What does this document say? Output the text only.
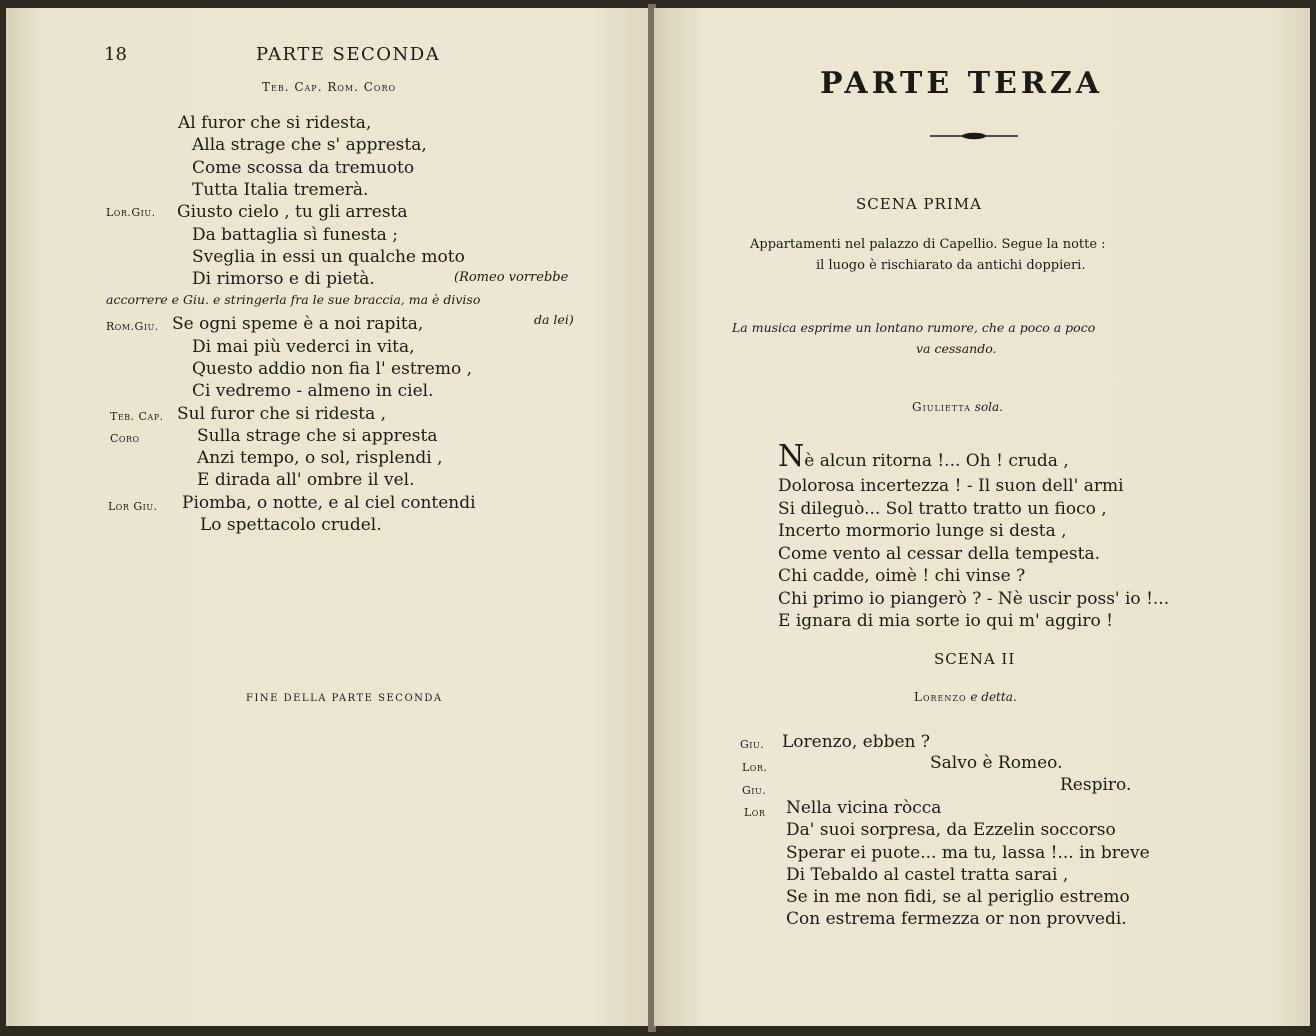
18	PARTE SECONDA
Teb. Cap. Rom. Coro
Al furor che si ridesta,
Alla strage che s' appresta,
Come scossa da tremuoto
Tutta Italia tremerà.
Lor.Giu. Giusto cielo , tu gli arresta
Da battaglia sì funesta ;
Sveglia in essi un qualche moto
Di rimorso e di pietà.	(Romeo vorrebbe
accorrere e Giu. e stringerla fra le sue braccia, ma è diviso
da lei)
Rom.Giu. Se ogni speme è a noi rapita,
Di mai più vederci in vita,
Questo addio non fia l' estremo ,
Ci vedremo - almeno in ciel.
Teb. Cap. Sul furor che si ridesta ,
Coro	Sulla strage che si appresta
Anzi tempo, o sol, risplendi ,
E dirada all' ombre il vel.
Lor Giu. Piomba, o notte, e al ciel contendi
Lo spettacolo crudel.
FINE DELLA PARTE SECONDA
PARTE TERZA
SCENA PRIMA
Appartamenti nel palazzo di Capellio. Segue la notte :
il luogo è rischiarato da antichi doppieri.
La musica esprime un lontano rumore, che a poco a poco
va cessando.
Giulietta sola.
Nè alcun ritorna !... Oh ! cruda ,
Dolorosa incertezza ! - Il suon dell' armi
Si dileguò... Sol tratto tratto un fioco ,
Incerto mormorio lunge si desta ,
Come vento al cessar della tempesta.
Chi cadde, oimè ! chi vinse ?
Chi primo io piangerò ? - Nè uscir poss' io !...
E ignara di mia sorte io qui m' aggiro !
SCENA II
Lorenzo e detta.
Giu. Lorenzo, ebben ?
Lor.	Salvo è Romeo.
Giu.	Respiro.
Lor Nella vicina ròcca
Da' suoi sorpresa, da Ezzelin soccorso
Sperar ei puote... ma tu, lassa !... in breve
Di Tebaldo al castel tratta sarai ,
Se in me non fidi, se al periglio estremo
Con estrema fermezza or non provvedi.
